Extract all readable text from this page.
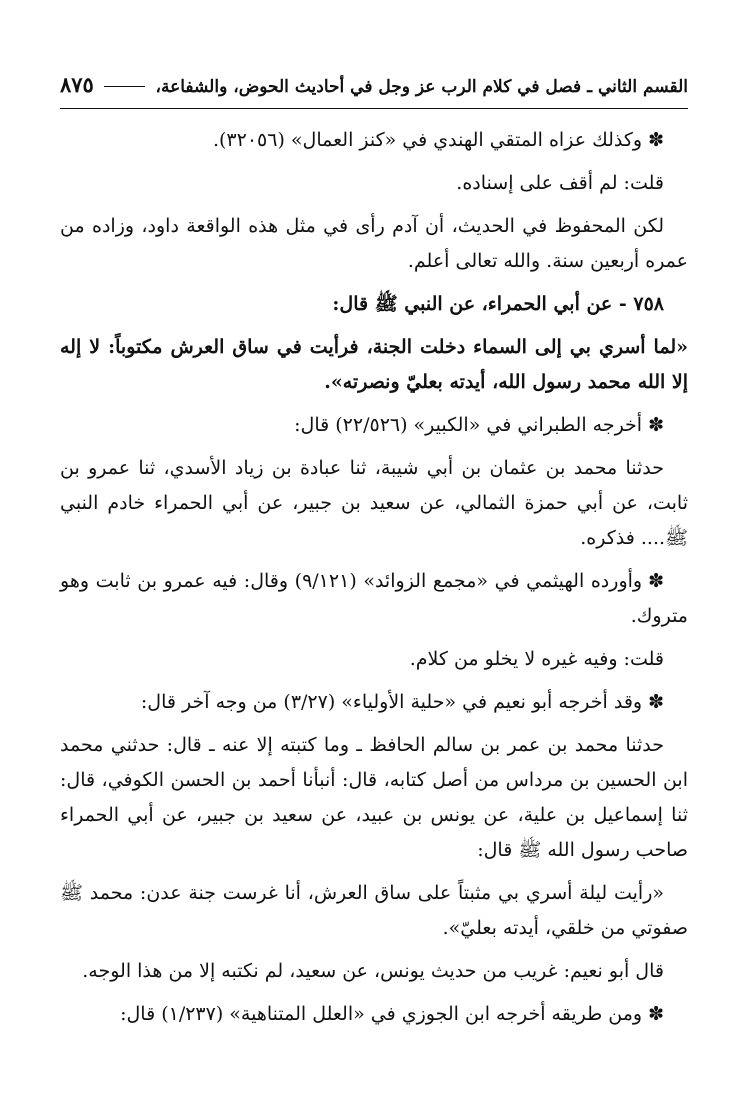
القسم الثاني ـ فصل في كلام الرب عز وجل في أحاديث الحوض، والشفاعة،
٨٧٥

✽وكذلك عزاه المتقي الهندي في «كنز العمال» (٣٢٠٥٦).

قلت: لم أقف على إسناده.

لكن المحفوظ في الحديث، أن آدم رأى في مثل هذه الواقعة داود، وزاده من عمره أربعين سنة. والله تعالى أعلم.

٧٥٨ - عن أبي الحمراء، عن النبي ﷺ قال:

«لما أسري بي إلى السماء دخلت الجنة، فرأيت في ساق العرش مكتوباً: لا إله إلا الله محمد رسول الله، أيدته بعليّ ونصرته».

✽أخرجه الطبراني في «الكبير» (٢٢/٥٢٦) قال:

حدثنا محمد بن عثمان بن أبي شيبة، ثنا عبادة بن زياد الأسدي، ثنا عمرو بن ثابت، عن أبي حمزة الثمالي، عن سعيد بن جبير، عن أبي الحمراء خادم النبي ﷺ.... فذكره.

✽وأورده الهيثمي في «مجمع الزوائد» (٩/١٢١) وقال: فيه عمرو بن ثابت وهو متروك.

قلت: وفيه غيره لا يخلو من كلام.

✽وقد أخرجه أبو نعيم في «حلية الأولياء» (٣/٢٧) من وجه آخر قال:

حدثنا محمد بن عمر بن سالم الحافظ ـ وما كتبته إلا عنه ـ قال: حدثني محمد ابن الحسين بن مرداس من أصل كتابه، قال: أنبأنا أحمد بن الحسن الكوفي، قال: ثنا إسماعيل بن علية، عن يونس بن عبيد، عن سعيد بن جبير، عن أبي الحمراء صاحب رسول الله ﷺ قال:

«رأيت ليلة أسري بي مثبتاً على ساق العرش، أنا غرست جنة عدن: محمد ﷺ صفوتي من خلقي، أيدته بعليّ».

قال أبو نعيم: غريب من حديث يونس، عن سعيد، لم نكتبه إلا من هذا الوجه.

✽ومن طريقه أخرجه ابن الجوزي في «العلل المتناهية» (١/٢٣٧) قال:
